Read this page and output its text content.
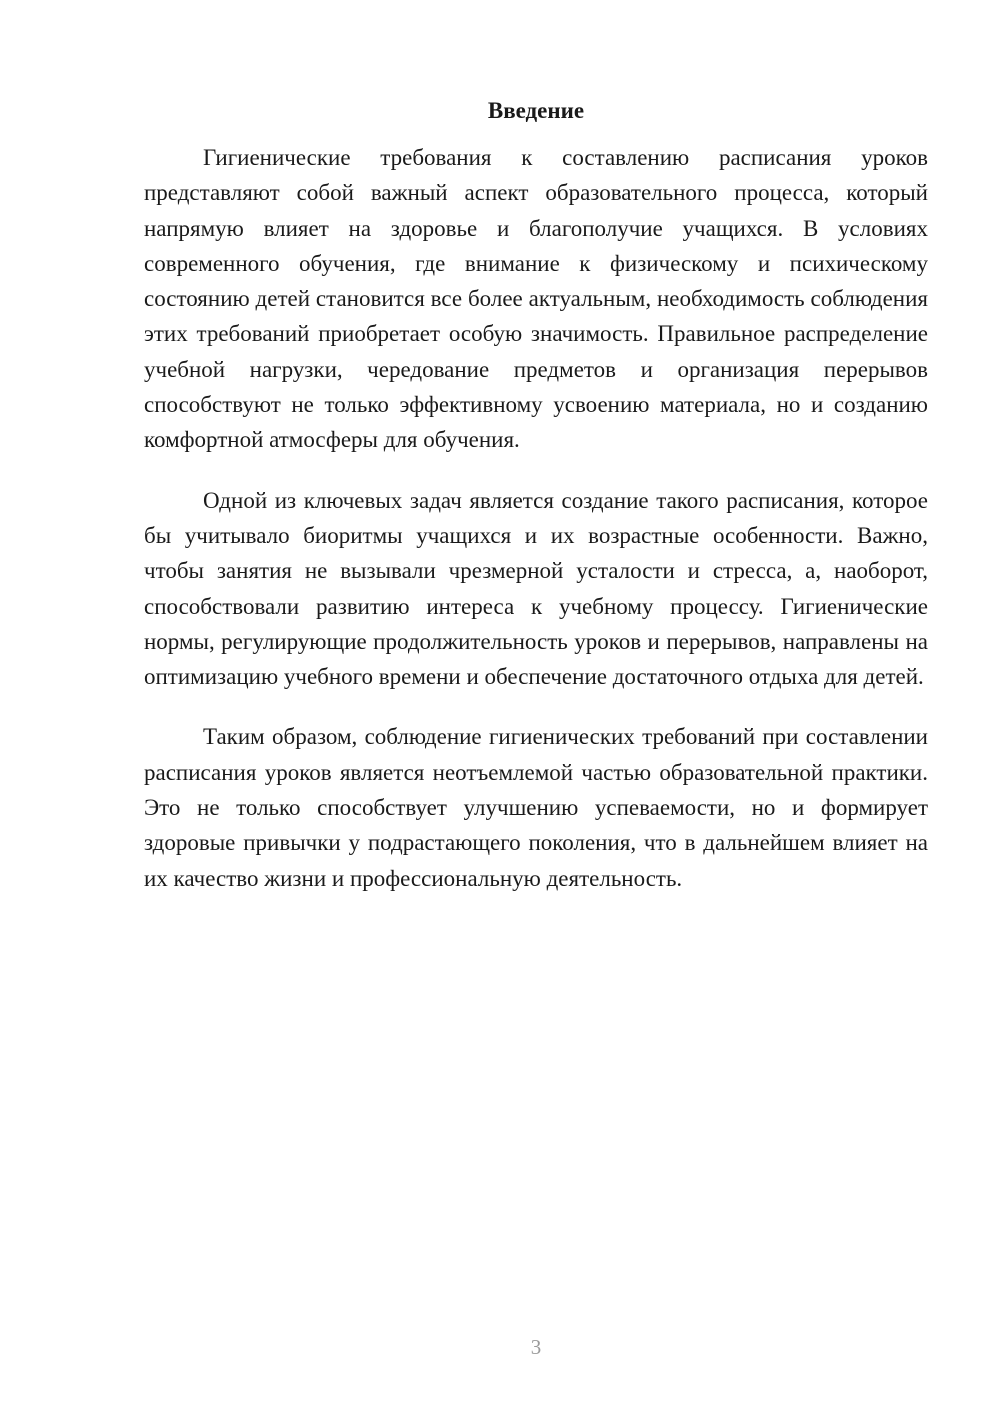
Введение

Гигиенические требования к составлению расписания уроков представляют собой важный аспект образовательного процесса, который напрямую влияет на здоровье и благополучие учащихся. В условиях современного обучения, где внимание к физическому и психическому состоянию детей становится все более актуальным, необходимость соблюдения этих требований приобретает особую значимость. Правильное распределение учебной нагрузки, чередование предметов и организация перерывов способствуют не только эффективному усвоению материала, но и созданию комфортной атмосферы для обучения.

Одной из ключевых задач является создание такого расписания, которое бы учитывало биоритмы учащихся и их возрастные особенности. Важно, чтобы занятия не вызывали чрезмерной усталости и стресса, а, наоборот, способствовали развитию интереса к учебному процессу. Гигиенические нормы, регулирующие продолжительность уроков и перерывов, направлены на оптимизацию учебного времени и обеспечение достаточного отдыха для детей.

Таким образом, соблюдение гигиенических требований при составлении расписания уроков является неотъемлемой частью образовательной практики. Это не только способствует улучшению успеваемости, но и формирует здоровые привычки у подрастающего поколения, что в дальнейшем влияет на их качество жизни и профессиональную деятельность.

3
